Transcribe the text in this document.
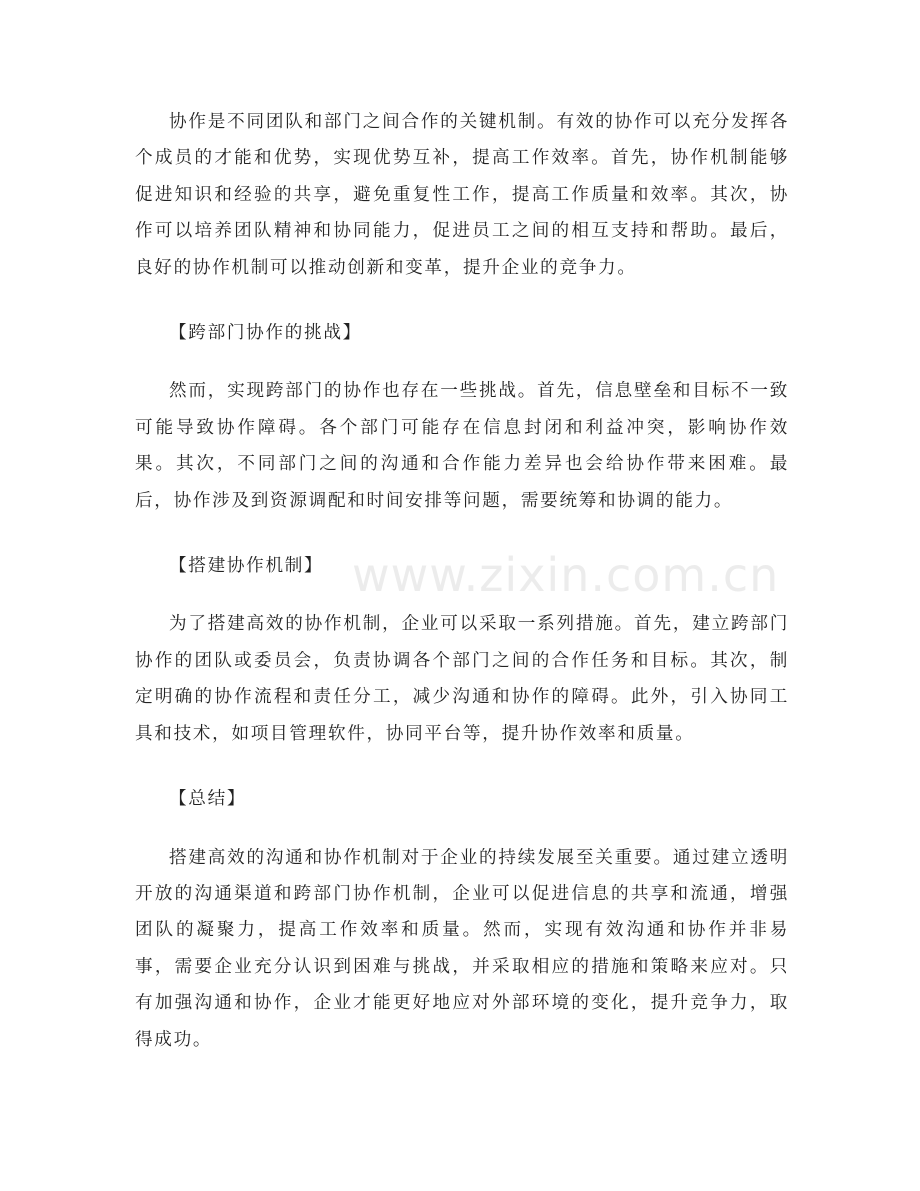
协作是不同团队和部门之间合作的关键机制。有效的协作可以充分发挥各个成员的才能和优势，实现优势互补，提高工作效率。首先，协作机制能够促进知识和经验的共享，避免重复性工作，提高工作质量和效率。其次，协作可以培养团队精神和协同能力，促进员工之间的相互支持和帮助。最后，良好的协作机制可以推动创新和变革，提升企业的竞争力。

【跨部门协作的挑战】

然而，实现跨部门的协作也存在一些挑战。首先，信息壁垒和目标不一致可能导致协作障碍。各个部门可能存在信息封闭和利益冲突，影响协作效果。其次，不同部门之间的沟通和合作能力差异也会给协作带来困难。最后，协作涉及到资源调配和时间安排等问题，需要统筹和协调的能力。

【搭建协作机制】

为了搭建高效的协作机制，企业可以采取一系列措施。首先，建立跨部门协作的团队或委员会，负责协调各个部门之间的合作任务和目标。其次，制定明确的协作流程和责任分工，减少沟通和协作的障碍。此外，引入协同工具和技术，如项目管理软件，协同平台等，提升协作效率和质量。

【总结】

搭建高效的沟通和协作机制对于企业的持续发展至关重要。通过建立透明开放的沟通渠道和跨部门协作机制，企业可以促进信息的共享和流通，增强团队的凝聚力，提高工作效率和质量。然而，实现有效沟通和协作并非易事，需要企业充分认识到困难与挑战，并采取相应的措施和策略来应对。只有加强沟通和协作，企业才能更好地应对外部环境的变化，提升竞争力，取得成功。

www.zixin.com.cn
